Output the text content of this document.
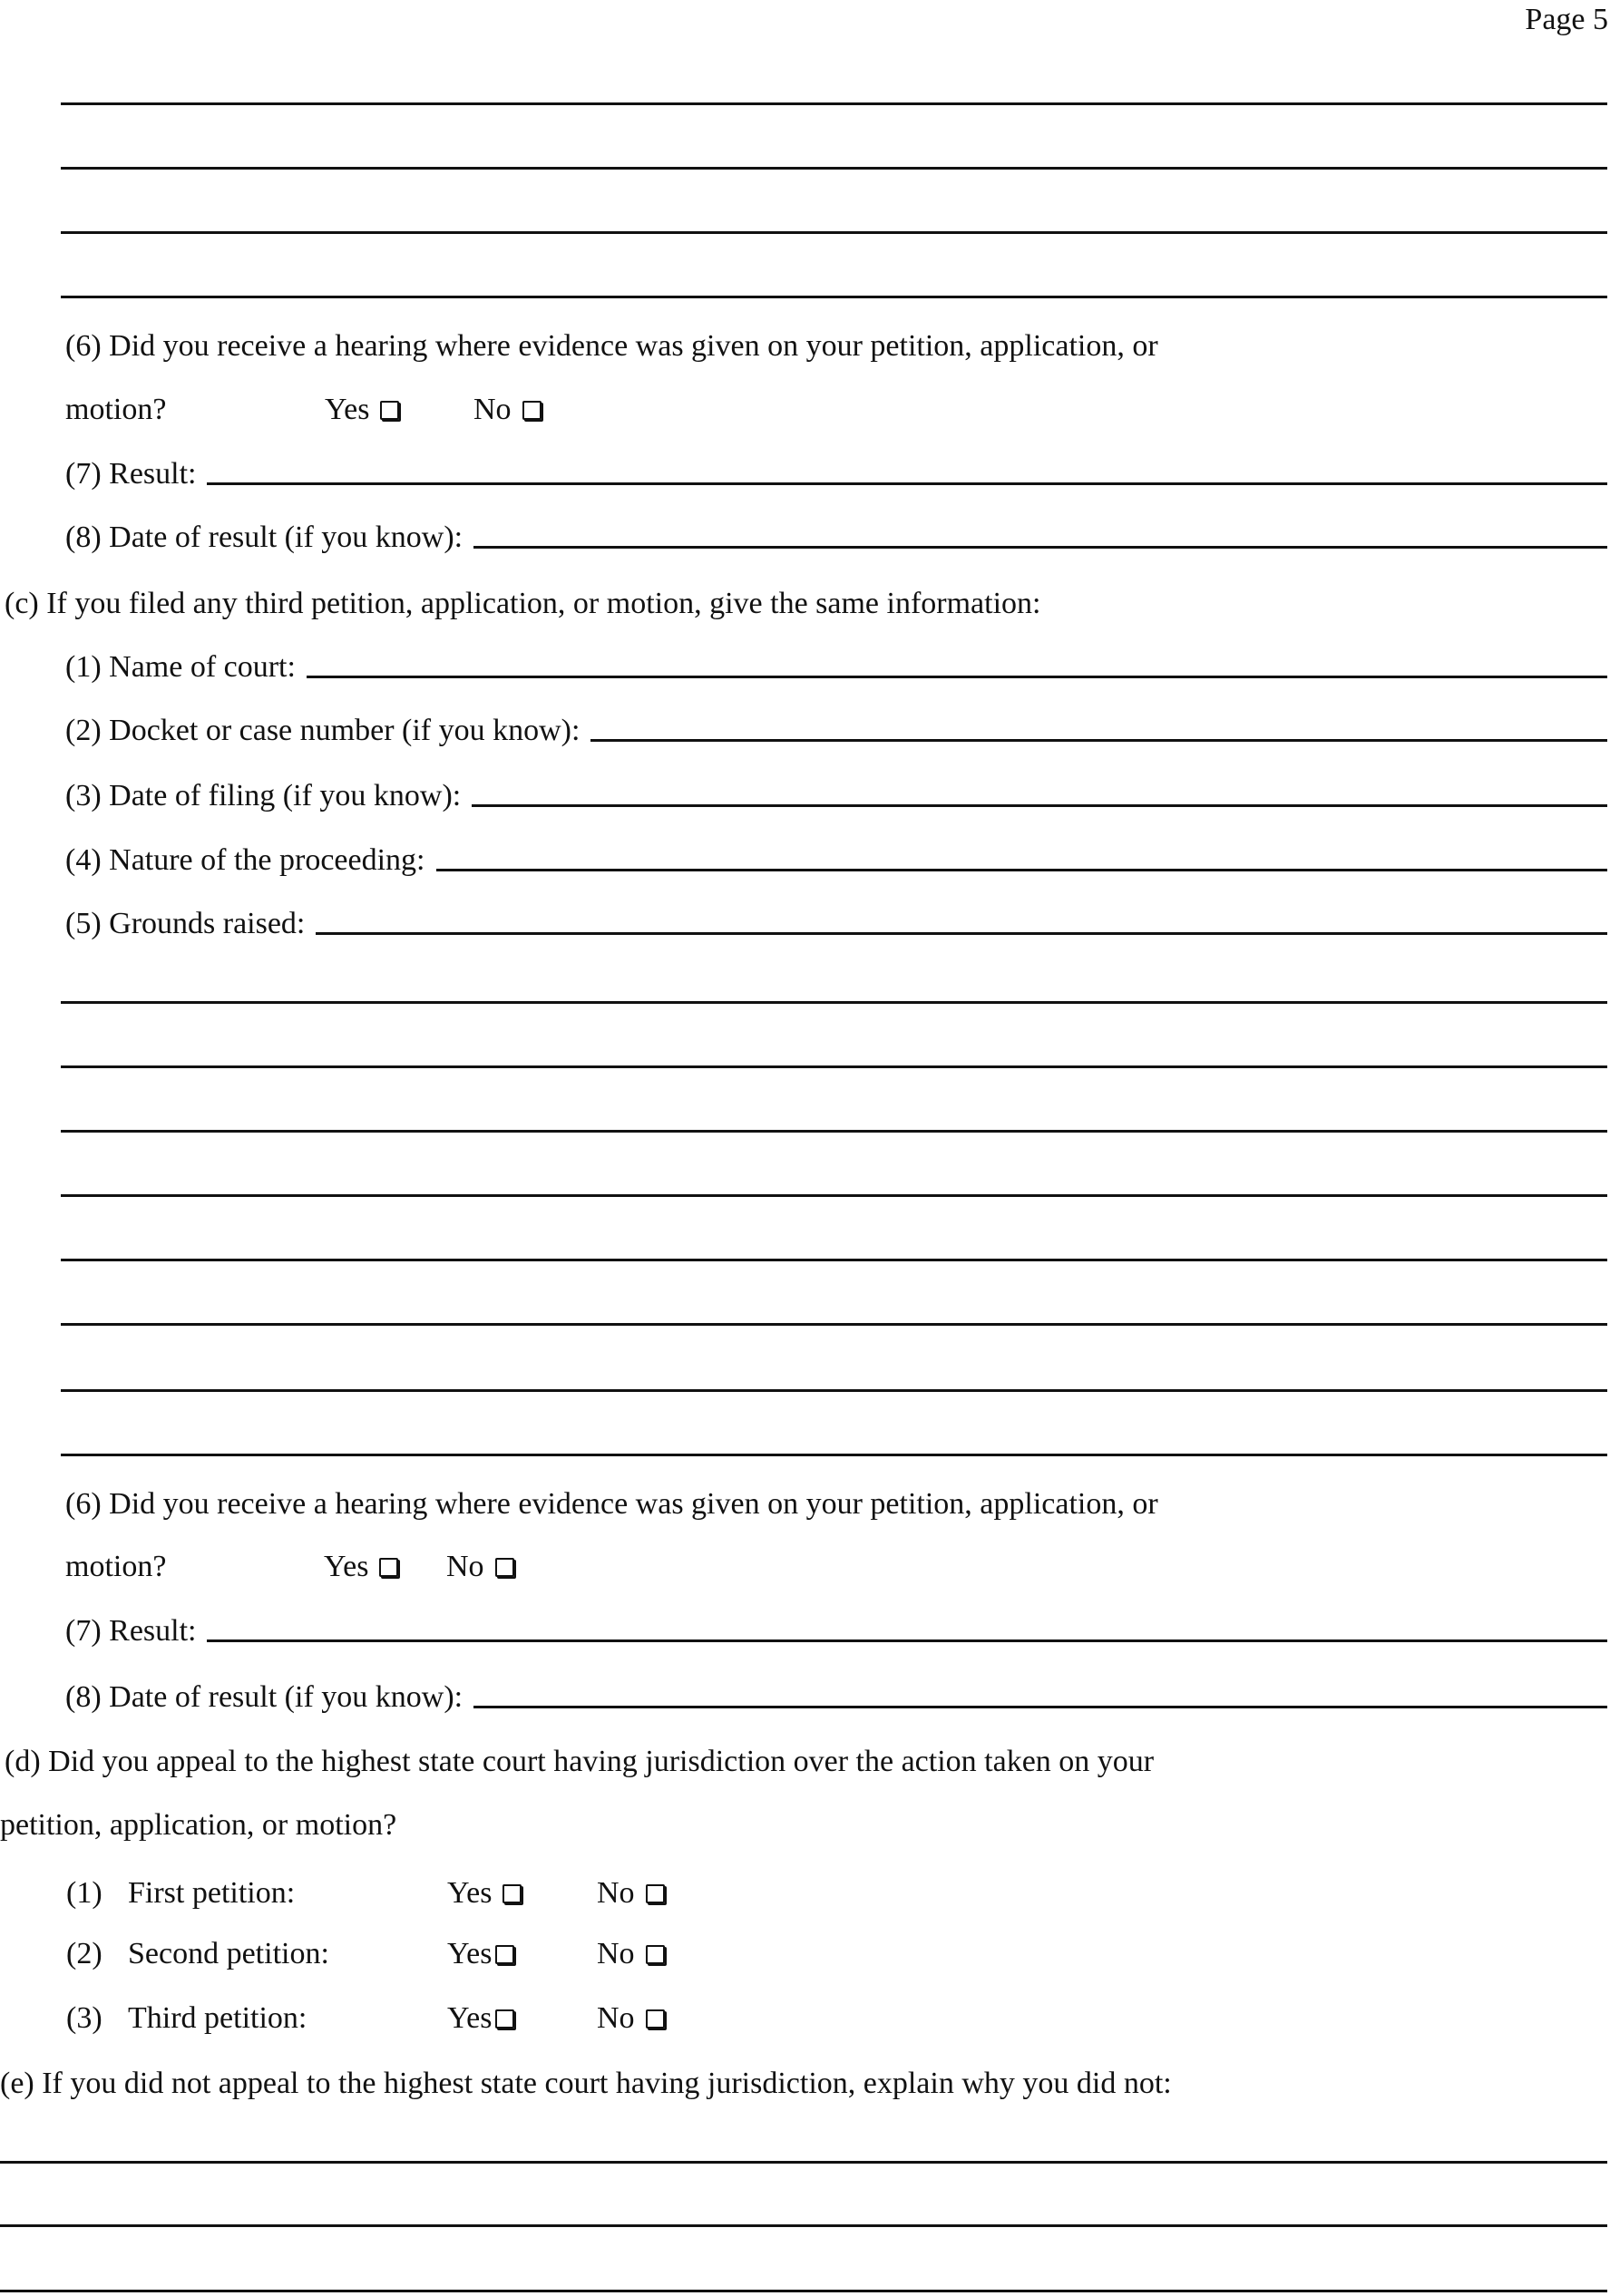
Page 5
(6) Did you receive a hearing where evidence was given on your petition, application, or
motion?	Yes	No
(7) Result:
(8) Date of result (if you know):
(c) If you filed any third petition, application, or motion, give the same information:
(1) Name of court:
(2) Docket or case number (if you know):
(3) Date of filing (if you know):
(4) Nature of the proceeding:
(5) Grounds raised:
(6) Did you receive a hearing where evidence was given on your petition, application, or
motion?	Yes	No
(7) Result:
(8) Date of result (if you know):
(d) Did you appeal to the highest state court having jurisdiction over the action taken on your
petition, application, or motion?
(1) First petition:	Yes	No
(2) Second petition:	Yes	No
(3) Third petition:	Yes	No
(e) If you did not appeal to the highest state court having jurisdiction, explain why you did not:
